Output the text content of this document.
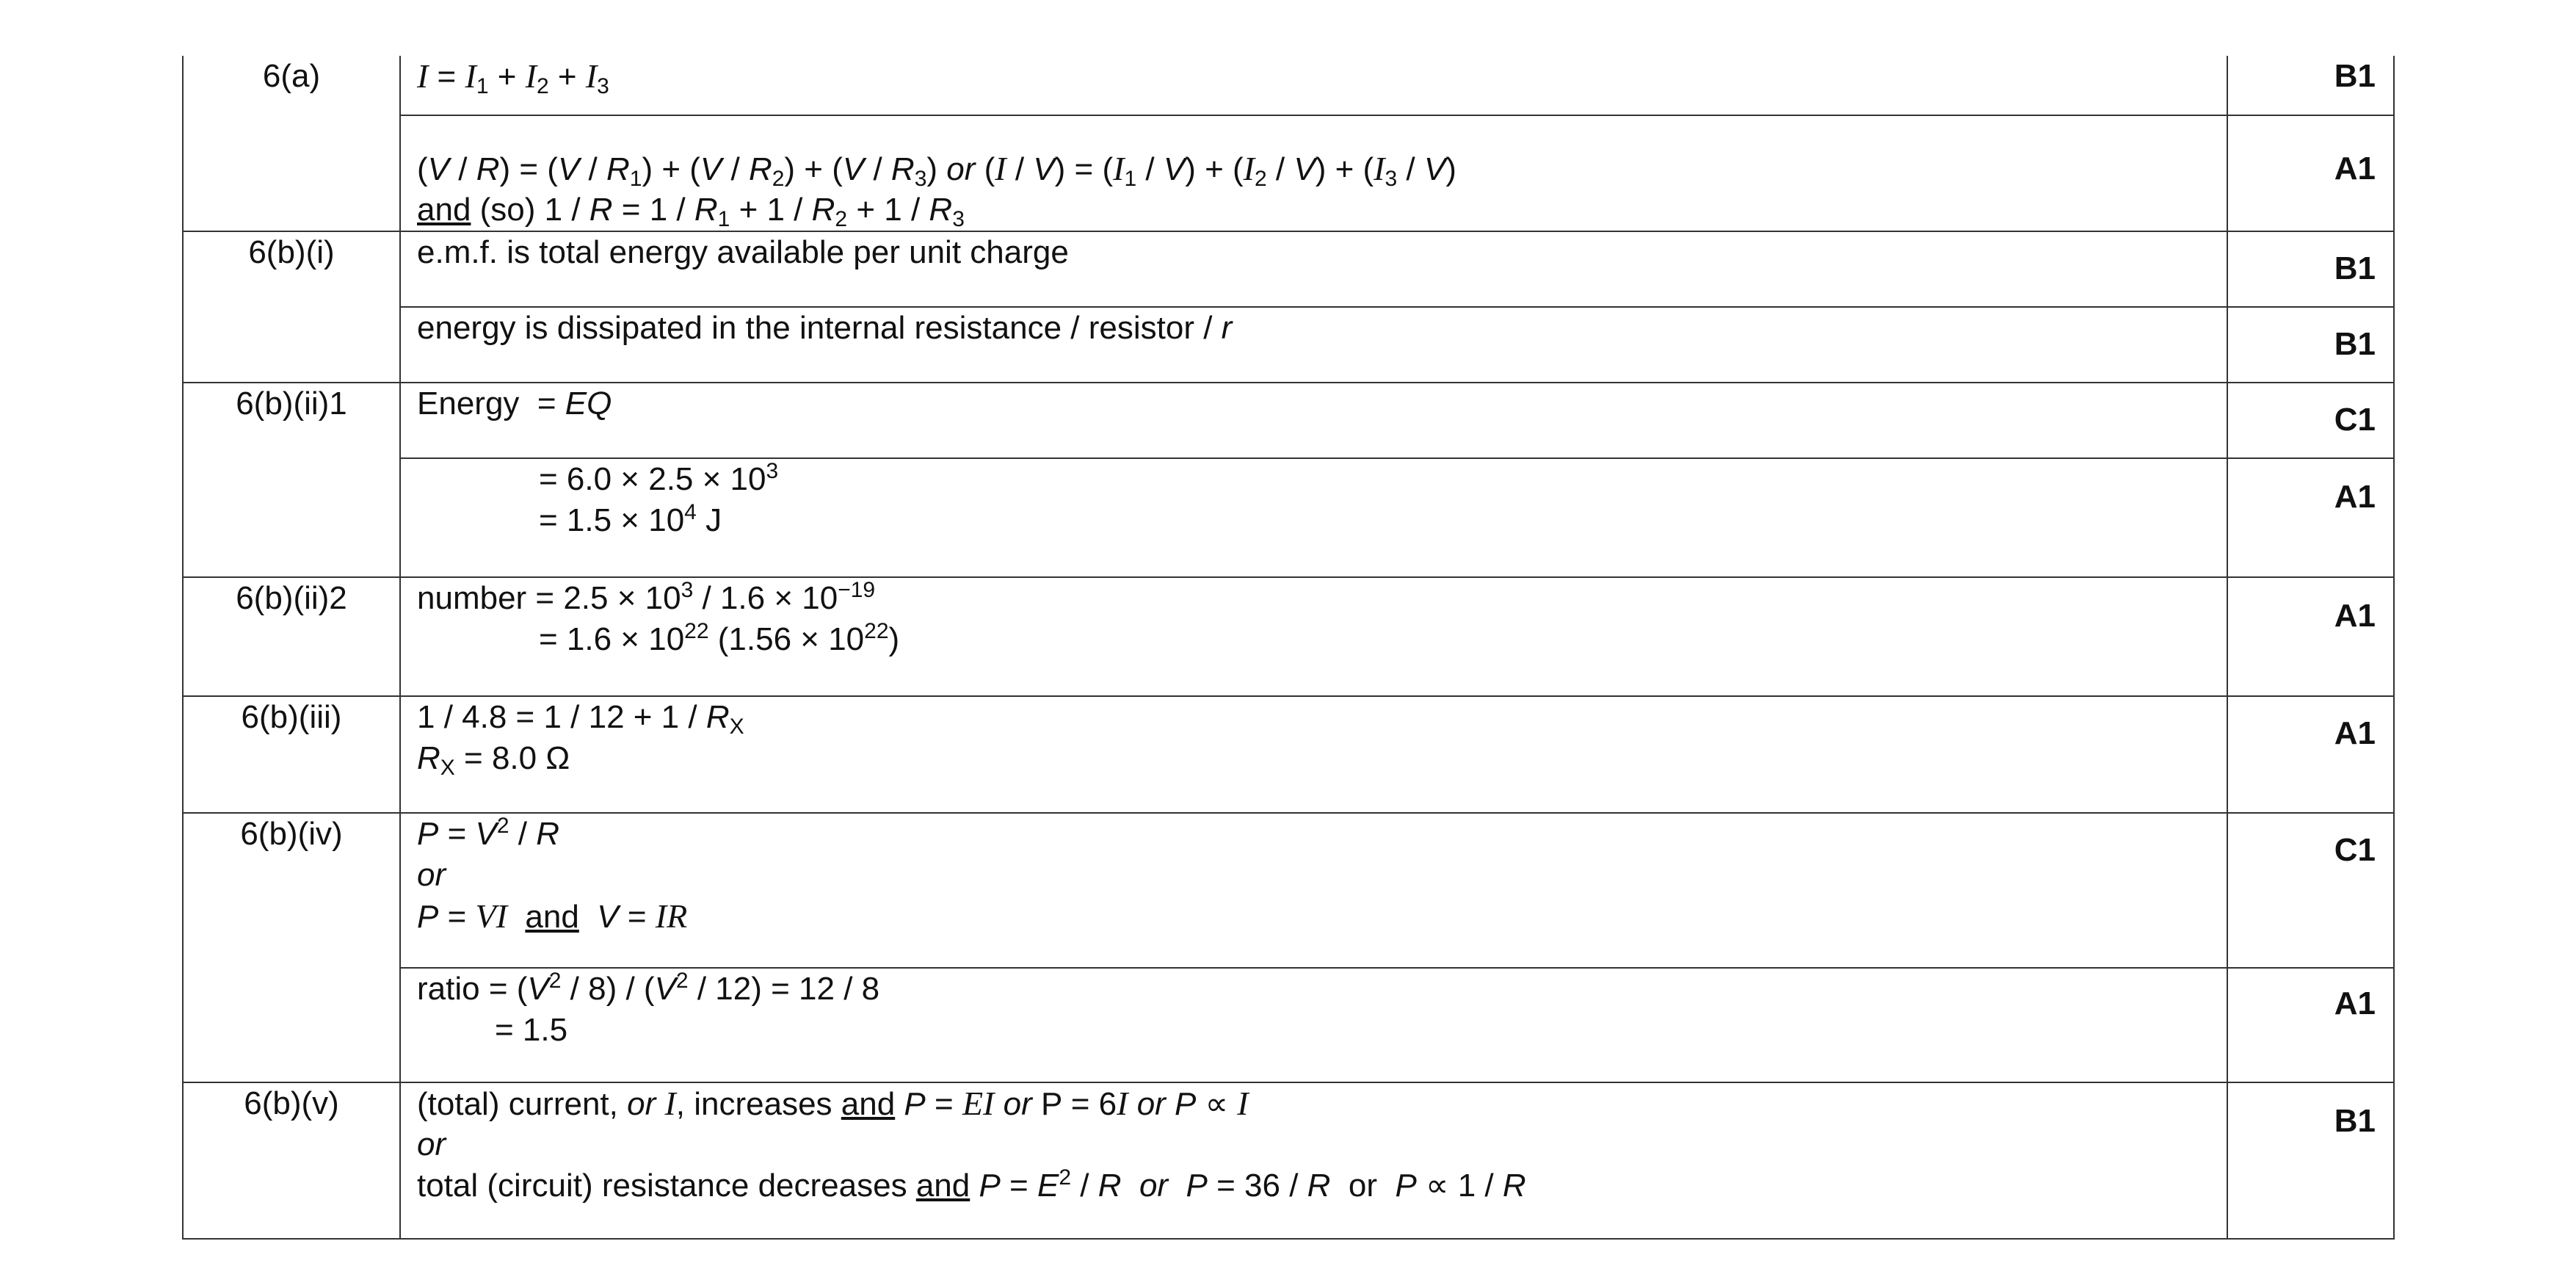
6(a)	$I = I_1 + I_2 + I_3$	B1

	$(V / R) = (V / R_1) + (V / R_2) + (V / R_3)$ or $(I / V) = (I_1 / V) + (I_2 / V) + (I_3 / V)$
and (so) $1 / R = 1 / R_1 + 1 / R_2 + 1 / R_3$	A1

6(b)(i)	e.m.f. is total energy available per unit charge	B1

	energy is dissipated in the internal resistance / resistor / r	B1

6(b)(ii)1	Energy  = EQ	C1

	= $6.0 \times 2.5 \times 10^3$
= $1.5 \times 10^4$ J	A1

6(b)(ii)2	number = $2.5 \times 10^3 / 1.6 \times 10^{-19}$
= $1.6 \times 10^{22}$ $(1.56 \times 10^{22})$	A1

6(b)(iii)	$1 / 4.8 = 1 / 12 + 1 / R_X$
$R_X = 8.0$ Ω	A1

6(b)(iv)	$P = V^2 / R$
or
P = VI and V = IR	C1

	ratio = $(V^2 / 8) / (V^2 / 12) = 12 / 8$
= 1.5	A1

6(b)(v)	(total) current, or I, increases and P = EI or P = 6I or P ∝ I
or
total (circuit) resistance decreases and $P = E^2 / R$ or P = 36 / R  or  P ∝ 1 / R	B1
